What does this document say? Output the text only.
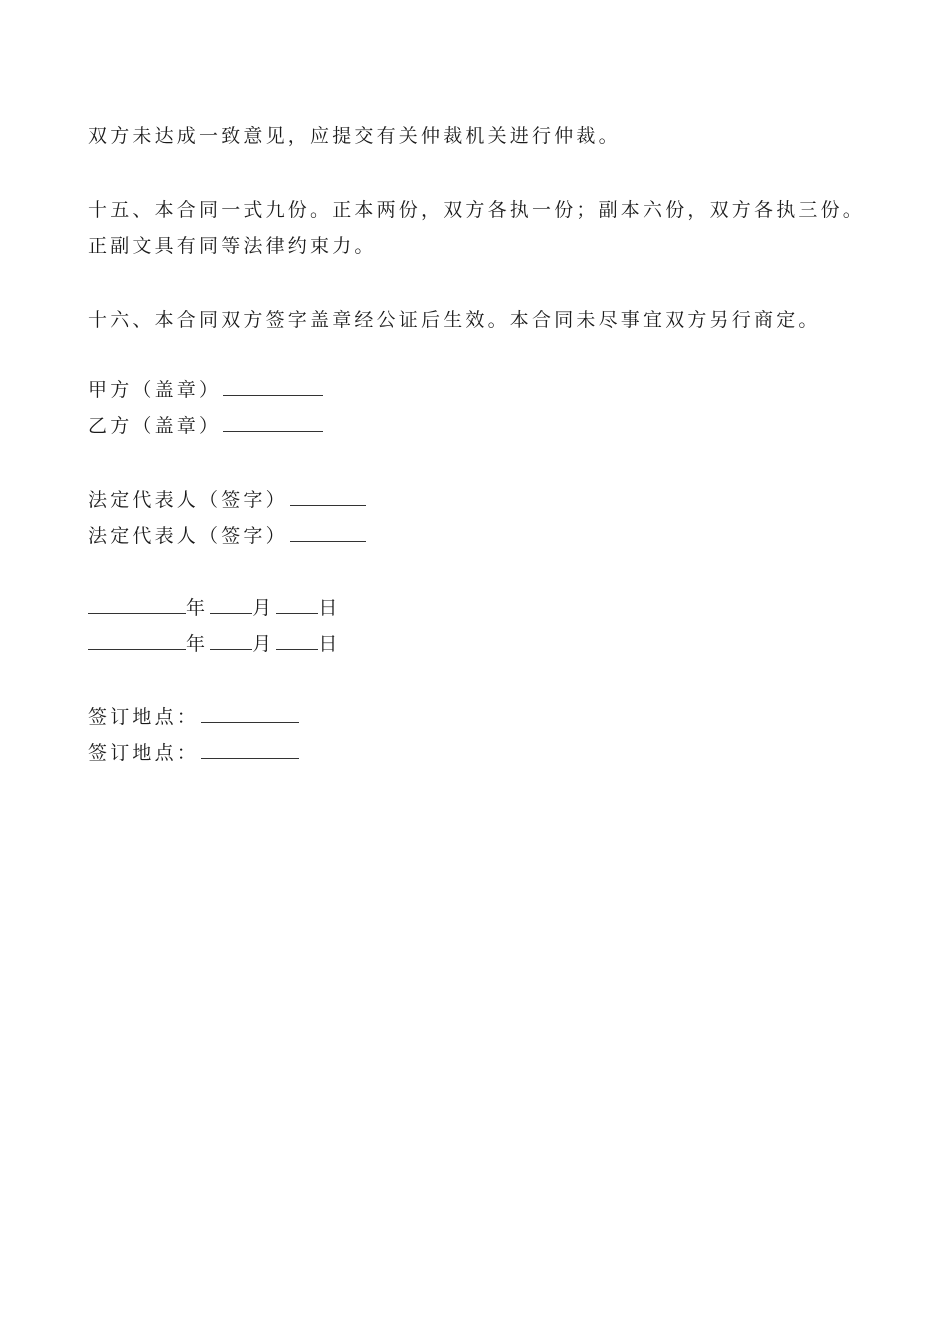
双方未达成一致意见，应提交有关仲裁机关进行仲裁。
十五、本合同一式九份。正本两份，双方各执一份；副本六份，双方各执三份。
正副文具有同等法律约束力。
十六、本合同双方签字盖章经公证后生效。本合同未尽事宜双方另行商定。
甲方（盖章）
乙方（盖章）
法定代表人（签字）
法定代表人（签字）
年 月 日
年 月 日
签订地点：
签订地点：
